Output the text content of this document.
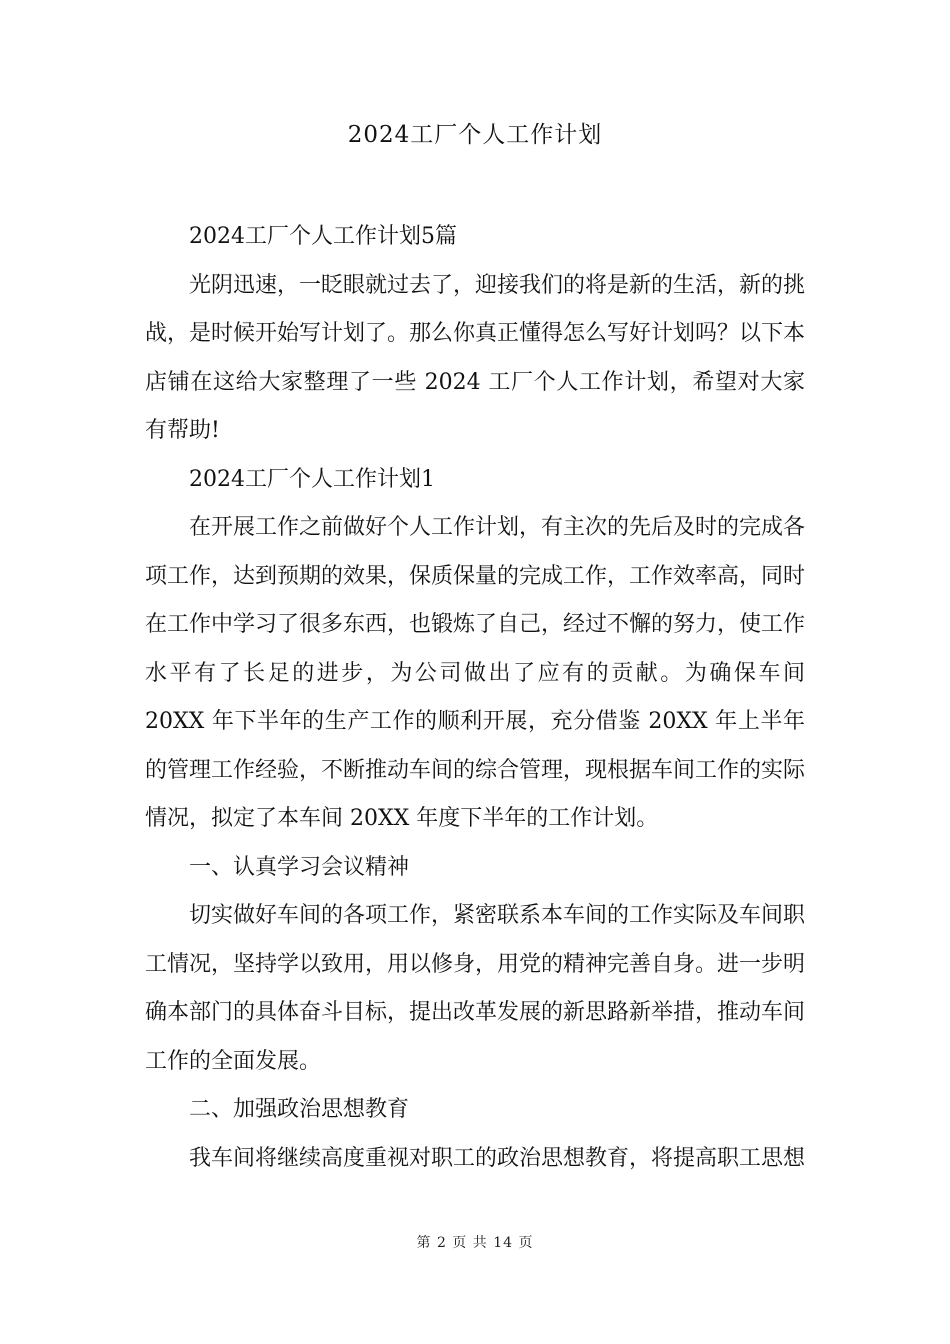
2024工厂个人工作计划

2024工厂个人工作计划5篇

光阴迅速，一眨眼就过去了，迎接我们的将是新的生活，新的挑战，是时候开始写计划了。那么你真正懂得怎么写好计划吗？以下本店铺在这给大家整理了一些 2024 工厂个人工作计划，希望对大家有帮助!

2024工厂个人工作计划1

在开展工作之前做好个人工作计划，有主次的先后及时的完成各项工作，达到预期的效果，保质保量的完成工作，工作效率高，同时在工作中学习了很多东西，也锻炼了自己，经过不懈的努力，使工作水平有了长足的进步，为公司做出了应有的贡献。为确保车间 20XX 年下半年的生产工作的顺利开展，充分借鉴 20XX 年上半年的管理工作经验，不断推动车间的综合管理，现根据车间工作的实际情况，拟定了本车间 20XX 年度下半年的工作计划。

一、认真学习会议精神

切实做好车间的各项工作，紧密联系本车间的工作实际及车间职工情况，坚持学以致用，用以修身，用党的精神完善自身。进一步明确本部门的具体奋斗目标，提出改革发展的新思路新举措，推动车间工作的全面发展。

二、加强政治思想教育

我车间将继续高度重视对职工的政治思想教育，将提高职工思想

第 2 页 共 14 页
